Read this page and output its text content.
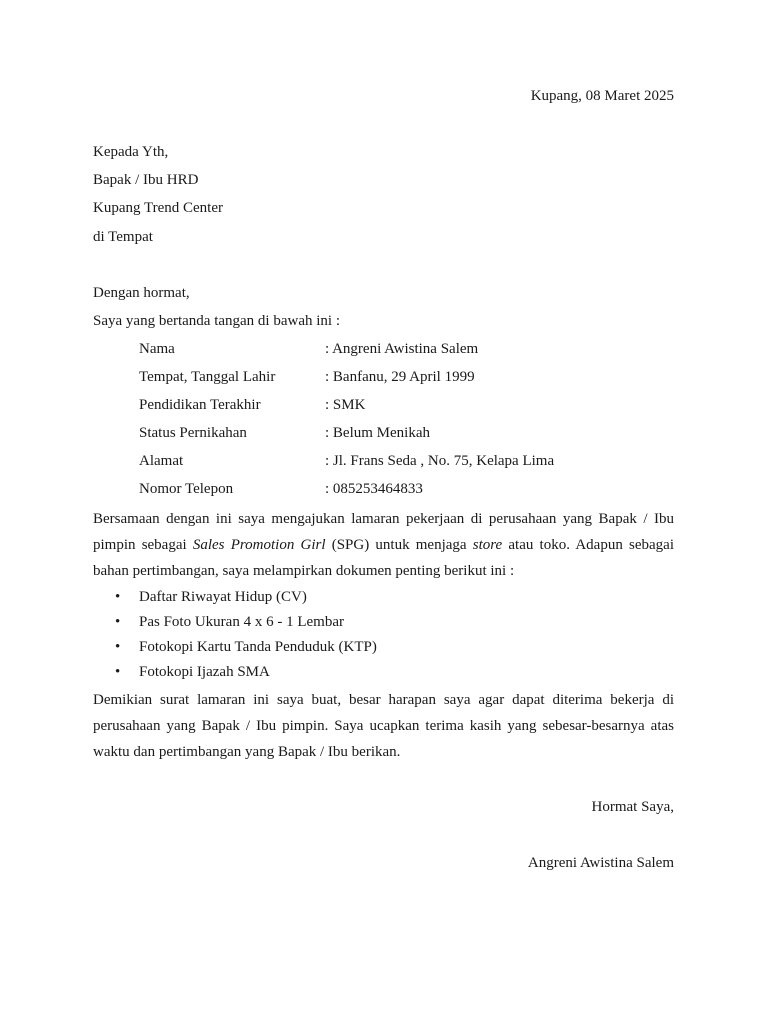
Kupang, 08 Maret 2025
Kepada Yth,
Bapak / Ibu HRD
Kupang Trend Center
di Tempat
Dengan hormat,
Saya yang bertanda tangan di bawah ini :
Nama	: Angreni Awistina Salem
Tempat, Tanggal Lahir	: Banfanu, 29 April 1999
Pendidikan Terakhir	: SMK
Status Pernikahan	: Belum Menikah
Alamat	: Jl. Frans Seda , No. 75, Kelapa Lima
Nomor Telepon	: 085253464833

Bersamaan dengan ini saya mengajukan lamaran pekerjaan di perusahaan yang Bapak / Ibu pimpin sebagai Sales Promotion Girl (SPG) untuk menjaga store atau toko. Adapun sebagai bahan pertimbangan, saya melampirkan dokumen penting berikut ini :

• Daftar Riwayat Hidup (CV)
• Pas Foto Ukuran 4 x 6 - 1 Lembar
• Fotokopi Kartu Tanda Penduduk (KTP)
• Fotokopi Ijazah SMA

Demikian surat lamaran ini saya buat, besar harapan saya agar dapat diterima bekerja di perusahaan yang Bapak / Ibu pimpin. Saya ucapkan terima kasih yang sebesar-besarnya atas waktu dan pertimbangan yang Bapak / Ibu berikan.

Hormat Saya,
Angreni Awistina Salem
